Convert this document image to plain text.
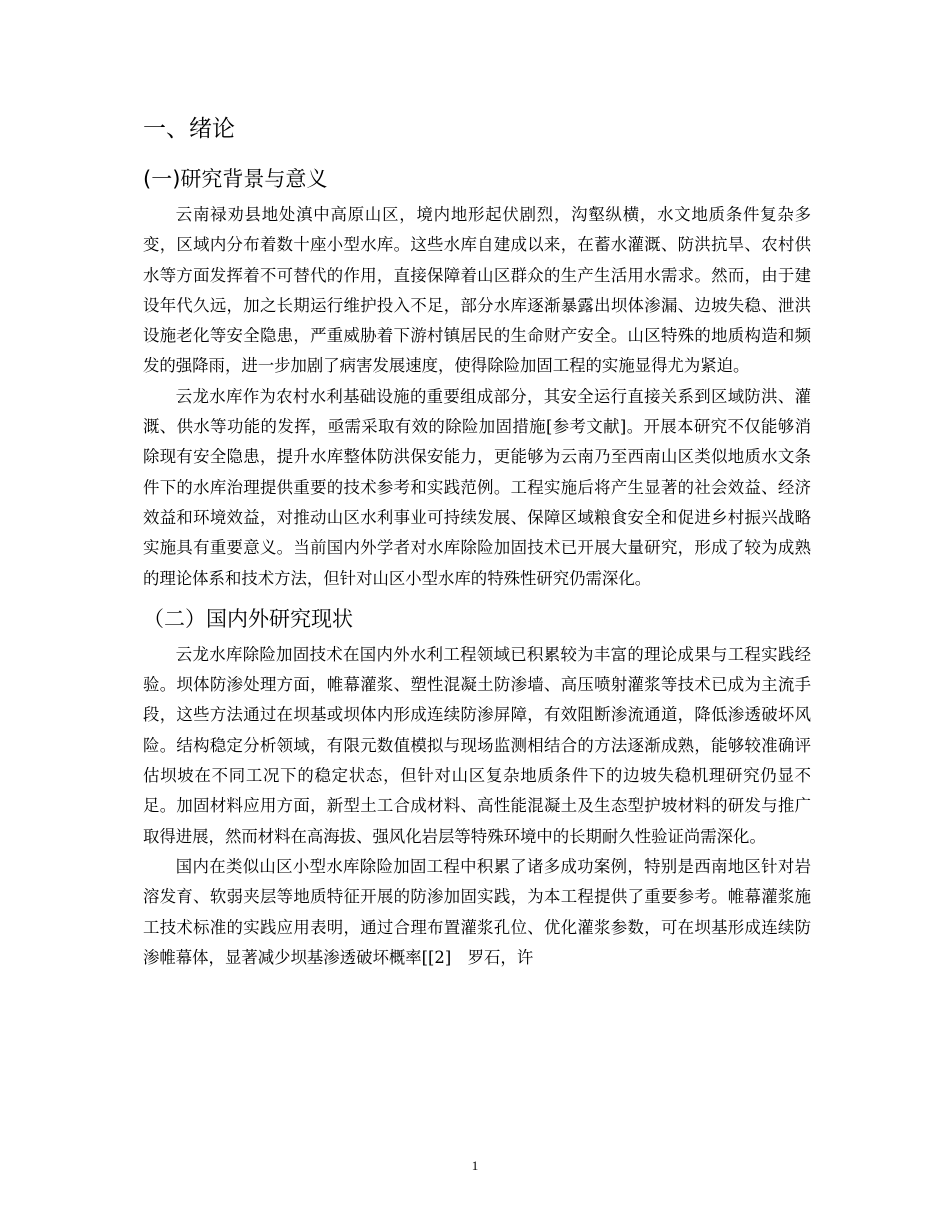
一、绪论
(一)研究背景与意义

云南禄劝县地处滇中高原山区，境内地形起伏剧烈，沟壑纵横，水文地质条件复杂多变，区域内分布着数十座小型水库。这些水库自建成以来，在蓄水灌溉、防洪抗旱、农村供水等方面发挥着不可替代的作用，直接保障着山区群众的生产生活用水需求。然而，由于建设年代久远，加之长期运行维护投入不足，部分水库逐渐暴露出坝体渗漏、边坡失稳、泄洪设施老化等安全隐患，严重威胁着下游村镇居民的生命财产安全。山区特殊的地质构造和频发的强降雨，进一步加剧了病害发展速度，使得除险加固工程的实施显得尤为紧迫。

云龙水库作为农村水利基础设施的重要组成部分，其安全运行直接关系到区域防洪、灌溉、供水等功能的发挥，亟需采取有效的除险加固措施[参考文献]。开展本研究不仅能够消除现有安全隐患，提升水库整体防洪保安能力，更能够为云南乃至西南山区类似地质水文条件下的水库治理提供重要的技术参考和实践范例。工程实施后将产生显著的社会效益、经济效益和环境效益，对推动山区水利事业可持续发展、保障区域粮食安全和促进乡村振兴战略实施具有重要意义。当前国内外学者对水库除险加固技术已开展大量研究，形成了较为成熟的理论体系和技术方法，但针对山区小型水库的特殊性研究仍需深化。

（二）国内外研究现状

云龙水库除险加固技术在国内外水利工程领域已积累较为丰富的理论成果与工程实践经验。坝体防渗处理方面，帷幕灌浆、塑性混凝土防渗墙、高压喷射灌浆等技术已成为主流手段，这些方法通过在坝基或坝体内形成连续防渗屏障，有效阻断渗流通道，降低渗透破坏风险。结构稳定分析领域，有限元数值模拟与现场监测相结合的方法逐渐成熟，能够较准确评估坝坡在不同工况下的稳定状态，但针对山区复杂地质条件下的边坡失稳机理研究仍显不足。加固材料应用方面，新型土工合成材料、高性能混凝土及生态型护坡材料的研发与推广取得进展，然而材料在高海拔、强风化岩层等特殊环境中的长期耐久性验证尚需深化。

国内在类似山区小型水库除险加固工程中积累了诸多成功案例，特别是西南地区针对岩溶发育、软弱夹层等地质特征开展的防渗加固实践，为本工程提供了重要参考。帷幕灌浆施工技术标准的实践应用表明，通过合理布置灌浆孔位、优化灌浆参数，可在坝基形成连续防渗帷幕体，显著减少坝基渗透破坏概率[[2]　罗石，许

1
